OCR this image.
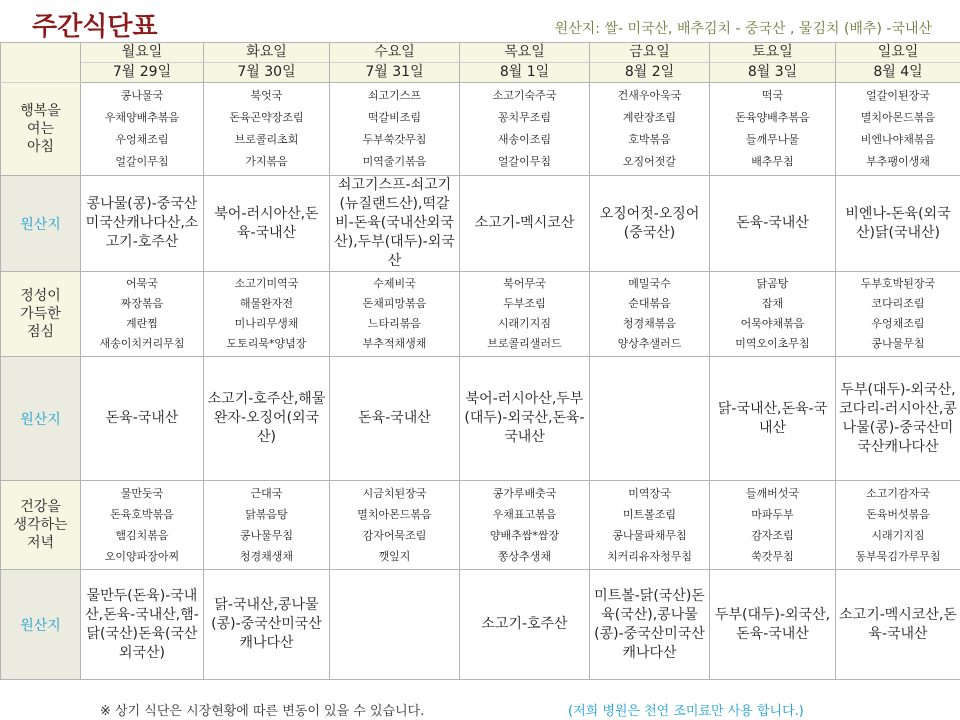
주간식단표	원산지: 쌀- 미국산, 배추김치 - 중국산 , 물김치 (배추) -국내산
	월요일	화요일	수요일	목요일	금요일	토요일	일요일
	7월 29일	7월 30일	7월 31일	8월 1일	8월 2일	8월 3일	8월 4일
행복을
여는
아침	콩나물국
우채양배추볶음
우엉채조림
얼갈이무침	북엇국
돈육곤약장조림
브로콜리초회
가지볶음	쇠고기스프
떡갈비조림
두부쑥갓무침
미역줄기볶음	소고기숙주국
꽁치무조림
새송이조림
얼갈이무침	건새우아욱국
계란장조림
호박볶음
오징어젓갈	떡국
돈육양배추볶음
들깨무나물
배추무침	얼갈이된장국
멸치아몬드볶음
비엔나야채볶음
부추팽이생채

원산지	콩나물(콩)-중국산미국산캐나다산,소고기-호주산	북어-러시아산,돈육-국내산	쇠고기스프-쇠고기(뉴질랜드산),떡갈비-돈육(국내산외국산),두부(대두)-외국산	소고기-멕시코산	오징어젓-오징어(중국산)	돈육-국내산	비엔나-돈육(외국산)닭(국내산)

정성이
가득한
점심	어묵국
짜장볶음
계란찜
새송이치커리무침	소고기미역국
해물완자전
미나리무생채
도토리묵*양념장	수제비국
돈채피망볶음
느타리볶음
부추적채생채	북어무국
두부조림
시래기지짐
브로콜리샐러드	메밀국수
순대볶음
청경채볶음
양상추샐러드	닭곰탕
잡채
어묵야채볶음
미역오이초무침	두부호박된장국
코다리조림
우엉채조림
콩나물무침

원산지	돈육-국내산	소고기-호주산,해물완자-오징어(외국산)	돈육-국내산	북어-러시아산,두부(대두)-외국산,돈육-국내산		닭-국내산,돈육-국내산	두부(대두)-외국산,코다리-러시아산,콩나물(콩)-중국산미국산캐나다산

건강을
생각하는
저녁	물만둣국
돈육호박볶음
햄김치볶음
오이양파장아찌	근대국
닭볶음탕
콩나물무침
청경채생채	시금치된장국
멸치아몬드볶음
감자어묵조림
깻잎지	콩가루배춧국
우채표고볶음
양배추쌈*쌈장
쫑상추생채	미역장국
미트볼조림
콩나물파채무침
치커리유자청무침	들깨버섯국
마파두부
감자조림
쑥갓무침	소고기감자국
돈육버섯볶음
시래기지짐
동부묵김가루무침

원산지	물만두(돈육)-국내산,돈육-국내산,햄-닭(국산)돈육(국산외국산)	닭-국내산,콩나물(콩)-중국산미국산캐나다산		소고기-호주산	미트볼-닭(국산)돈육(국산),콩나물(콩)-중국산미국산캐나다산	두부(대두)-외국산,돈육-국내산	소고기-멕시코산,돈육-국내산
※ 상기 식단은 시장현황에 따른 변동이 있을 수 있습니다.	(저희 병원은 천연 조미료만 사용 합니다.)
